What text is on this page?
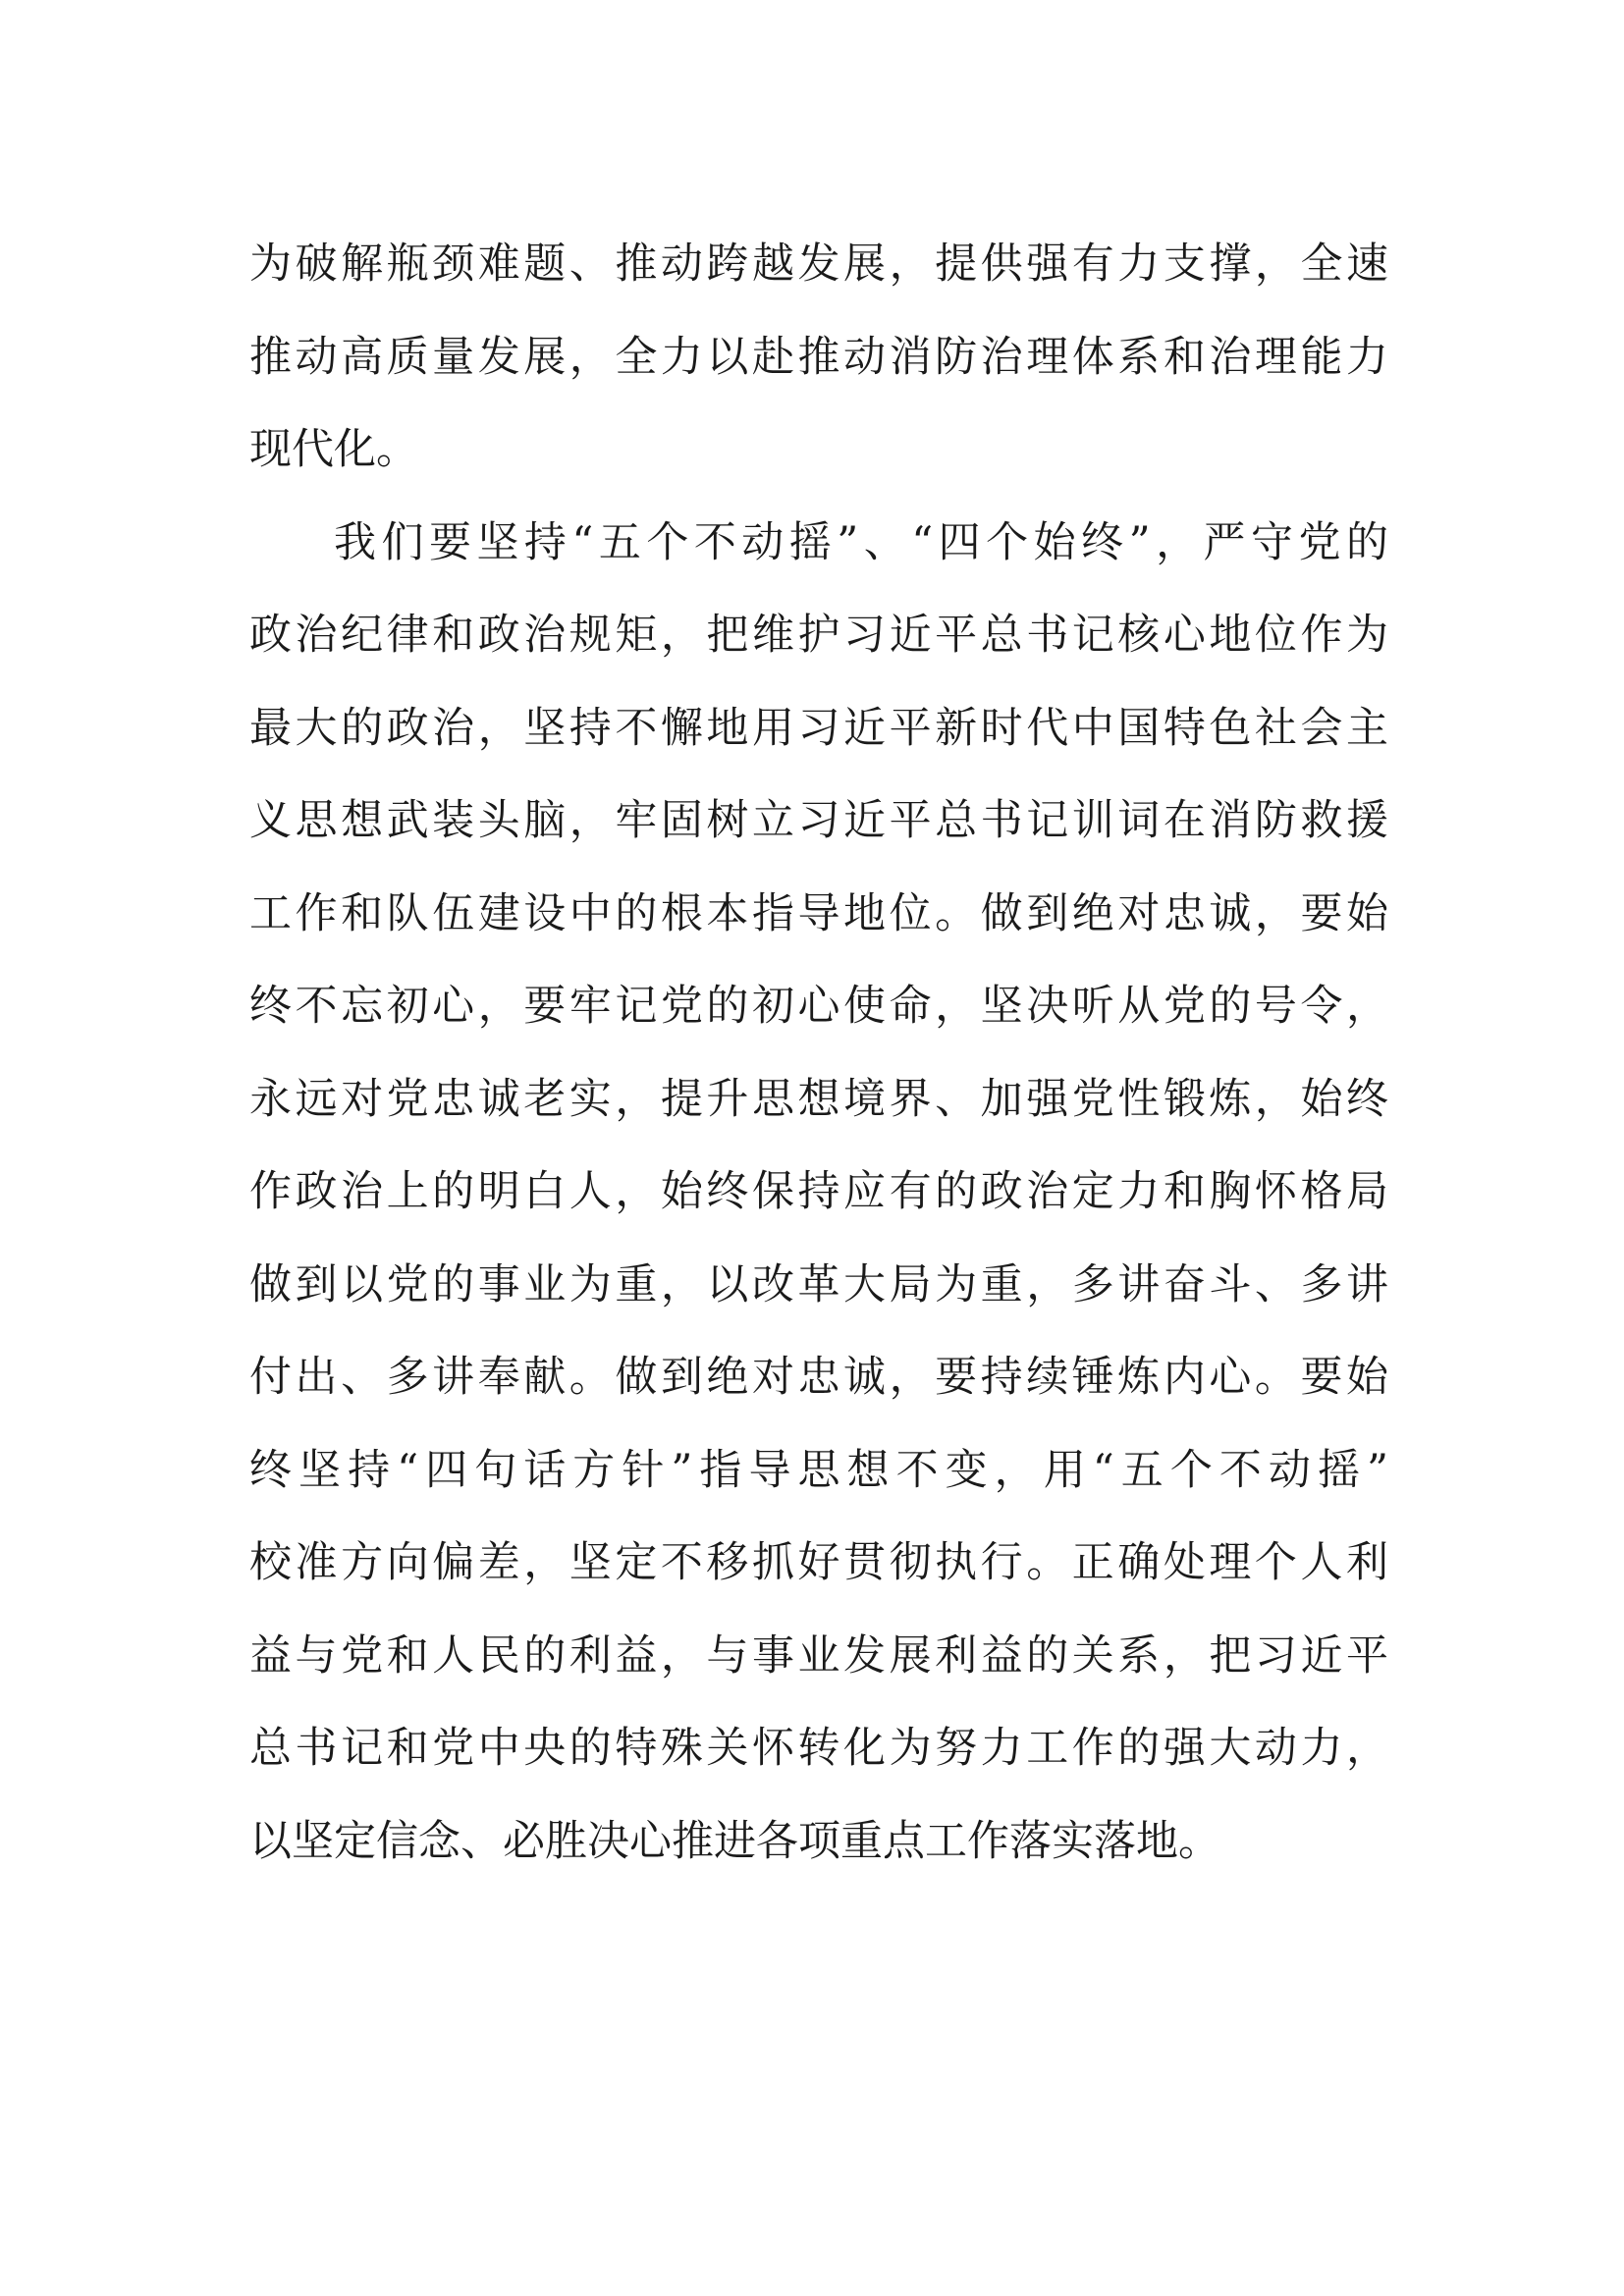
为破解瓶颈难题、推动跨越发展，提供强有力支撑，全速
推动高质量发展，全力以赴推动消防治理体系和治理能力
现代化。
我们要坚持“五个不动摇”、“四个始终”，严守党的
政治纪律和政治规矩，把维护习近平总书记核心地位作为
最大的政治，坚持不懈地用习近平新时代中国特色社会主
义思想武装头脑，牢固树立习近平总书记训词在消防救援
工作和队伍建设中的根本指导地位。做到绝对忠诚，要始
终不忘初心，要牢记党的初心使命，坚决听从党的号令，
永远对党忠诚老实，提升思想境界、加强党性锻炼，始终
作政治上的明白人，始终保持应有的政治定力和胸怀格局
做到以党的事业为重，以改革大局为重，多讲奋斗、多讲
付出、多讲奉献。做到绝对忠诚，要持续锤炼内心。要始
终坚持“四句话方针”指导思想不变，用“五个不动摇”
校准方向偏差，坚定不移抓好贯彻执行。正确处理个人利
益与党和人民的利益，与事业发展利益的关系，把习近平
总书记和党中央的特殊关怀转化为努力工作的强大动力，
以坚定信念、必胜决心推进各项重点工作落实落地。
